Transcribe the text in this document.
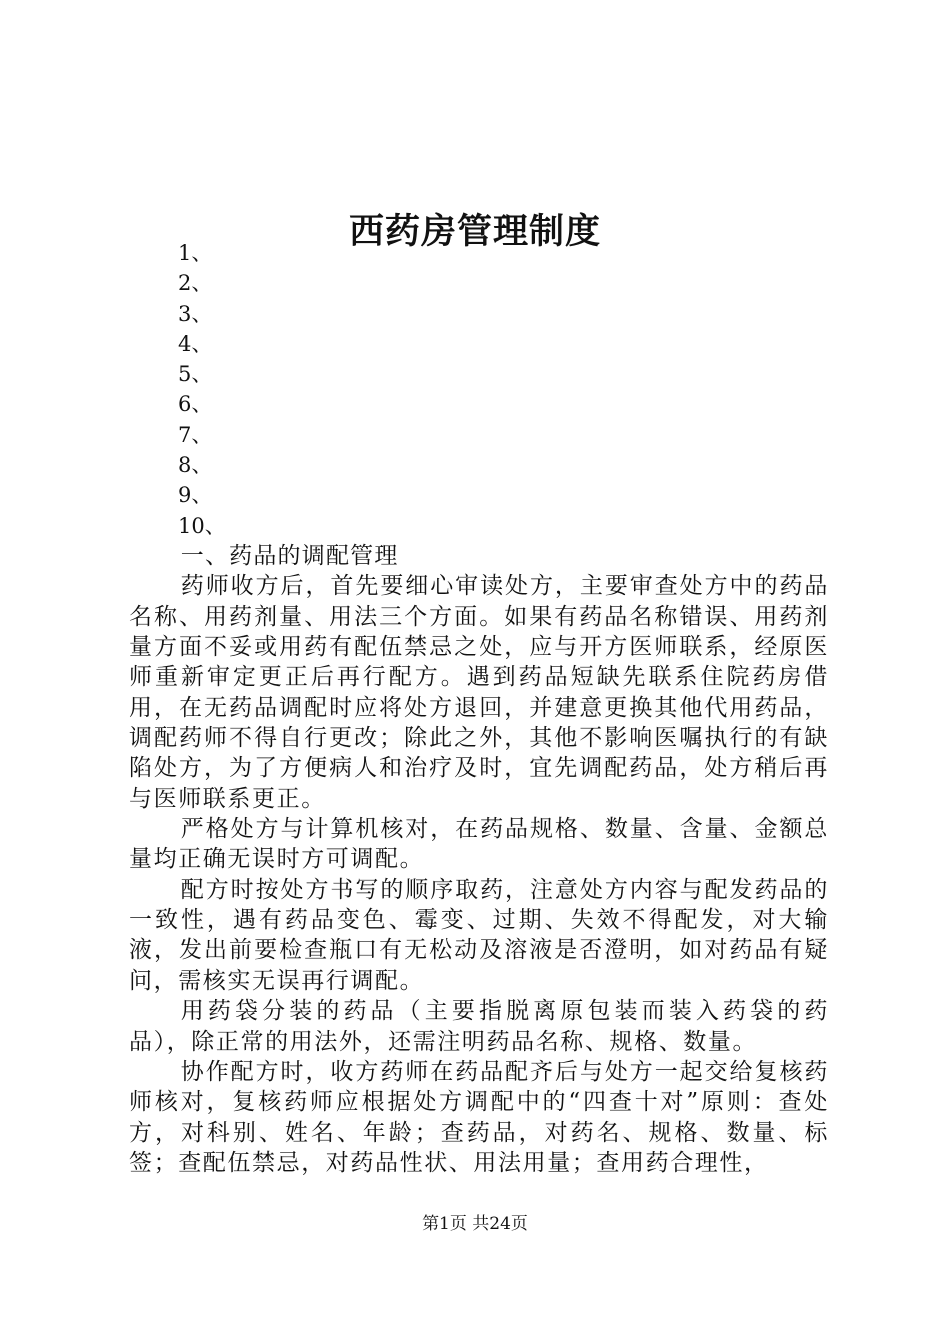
西药房管理制度
1、
2、
3、
4、
5、
6、
7、
8、
9、
10、

一、药品的调配管理

药师收方后，首先要细心审读处方，主要审查处方中的药品名称、用药剂量、用法三个方面。如果有药品名称错误、用药剂量方面不妥或用药有配伍禁忌之处，应与开方医师联系，经原医师重新审定更正后再行配方。遇到药品短缺先联系住院药房借用，在无药品调配时应将处方退回，并建意更换其他代用药品，调配药师不得自行更改；除此之外，其他不影响医嘱执行的有缺陷处方，为了方便病人和治疗及时，宜先调配药品，处方稍后再与医师联系更正。

严格处方与计算机核对，在药品规格、数量、含量、金额总量均正确无误时方可调配。

配方时按处方书写的顺序取药，注意处方内容与配发药品的一致性，遇有药品变色、霉变、过期、失效不得配发，对大输液，发出前要检查瓶口有无松动及溶液是否澄明，如对药品有疑问，需核实无误再行调配。

用药袋分装的药品（主要指脱离原包装而装入药袋的药品），除正常的用法外，还需注明药品名称、规格、数量。

协作配方时，收方药师在药品配齐后与处方一起交给复核药师核对，复核药师应根据处方调配中的“四查十对”原则：查处方，对科别、姓名、年龄；查药品，对药名、规格、数量、标签；查配伍禁忌，对药品性状、用法用量；查用药合理性，

第1页 共24页
